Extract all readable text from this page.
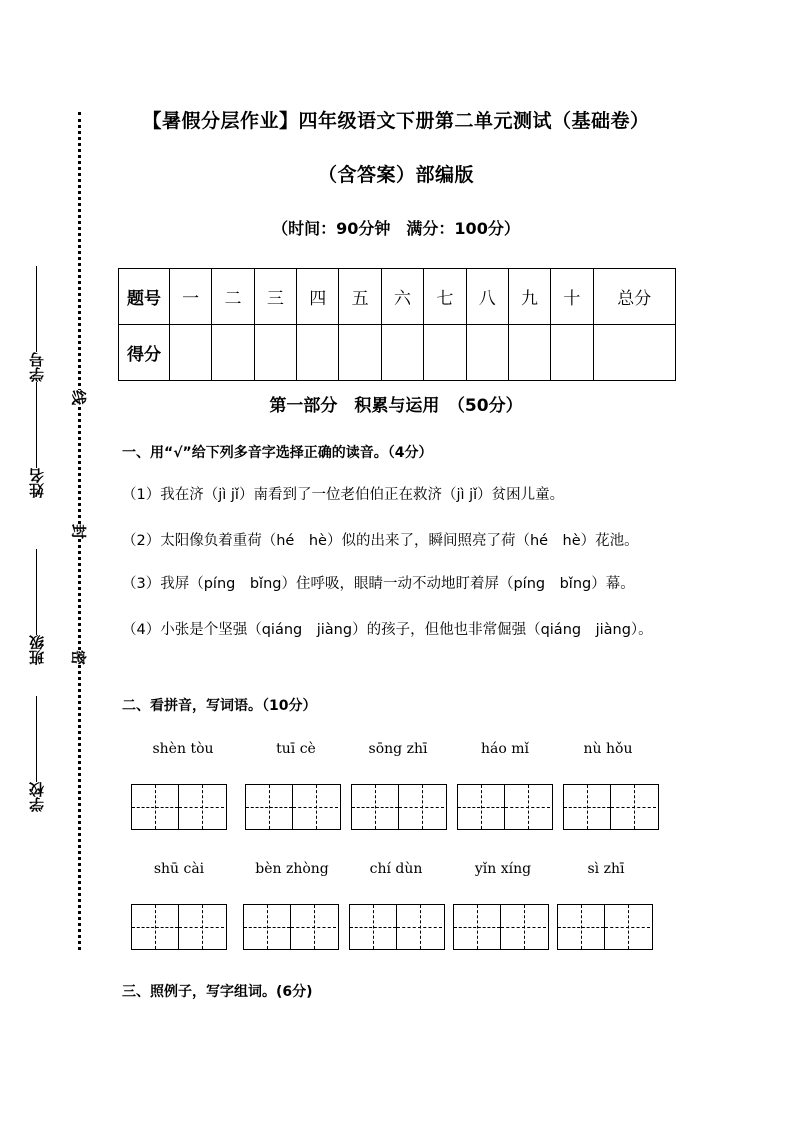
学号
姓名
班级
学校
线
封
密
【暑假分层作业】四年级语文下册第二单元测试（基础卷）
（含答案）部编版
（时间：90分钟　满分：100分）
题号	一	二	三	四	五	六	七	八	九	十	总分
得分											
第一部分　积累与运用　（50分）
一、用“√”给下列多音字选择正确的读音。（4分）
（1）我在济（jì jǐ）南看到了一位老伯伯正在救济（jì jǐ）贫困儿童。
（2）太阳像负着重荷（hé　hè）似的出来了，瞬间照亮了荷（hé　hè）花池。
（3）我屏（píng　bǐng）住呼吸，眼睛一动不动地盯着屏（píng　bǐng）幕。
（4）小张是个坚强（qiáng　jiàng）的孩子，但他也非常倔强（qiáng　jiàng）。
二、看拼音，写词语。（10分）
shèn tòu	tuī cè	sōng zhī	háo mǐ	nù hǒu
shū cài	bèn zhòng	chí dùn	yǐn xíng	sì zhī
三、照例子，写字组词。(6分)
